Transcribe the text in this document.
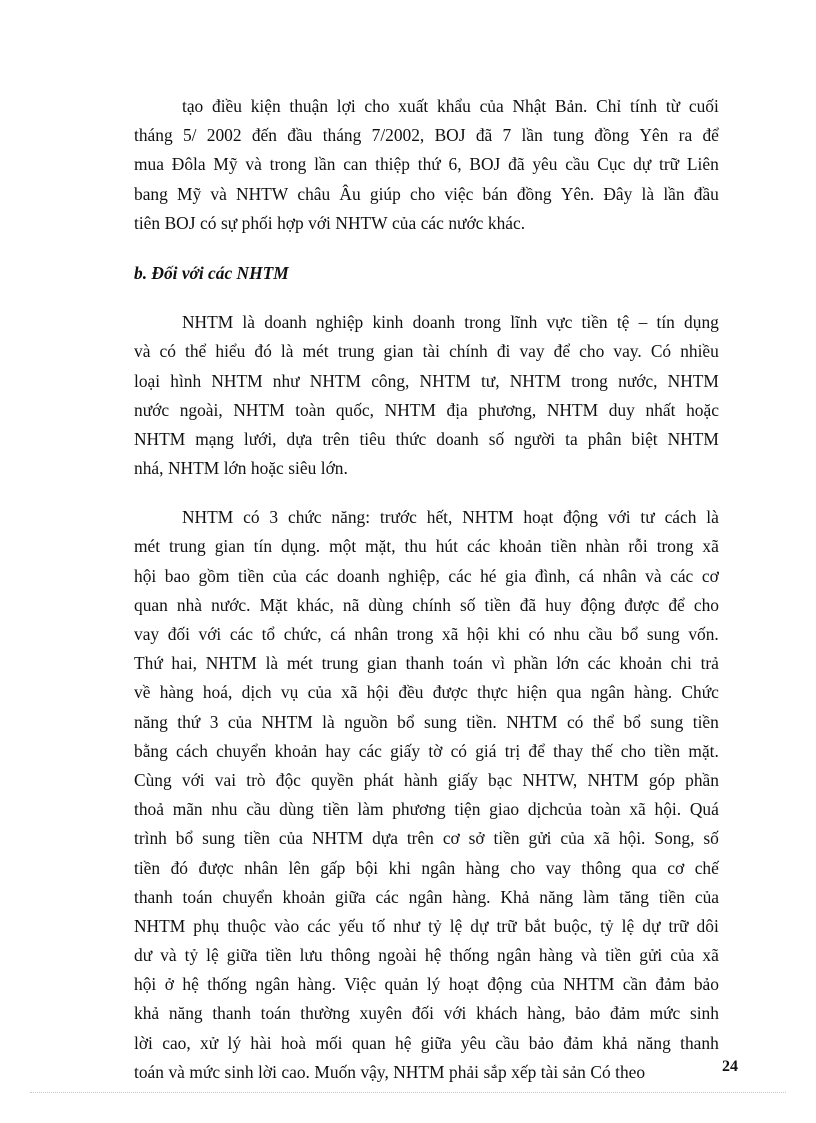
tạo điều kiện thuận lợi cho xuất khẩu của Nhật Bản. Chỉ tính từ cuối
tháng 5/ 2002 đến đầu tháng 7/2002, BOJ đã 7 lần tung đồng Yên ra để
mua Đôla Mỹ và trong lần can thiệp thứ 6, BOJ đã yêu cầu Cục dự trữ Liên
bang Mỹ và NHTW châu Âu giúp cho việc bán đồng Yên. Đây là lần đầu
tiên BOJ có sự phối hợp với NHTW của các nước khác.
b. Đối với các NHTM
NHTM là doanh nghiệp kinh doanh trong lĩnh vực tiền tệ – tín dụng
và có thể hiểu đó là mét trung gian tài chính đi vay để cho vay. Có nhiều
loại hình NHTM như NHTM công, NHTM tư, NHTM trong nước, NHTM
nước ngoài, NHTM toàn quốc, NHTM địa phương, NHTM duy nhất hoặc
NHTM mạng lưới, dựa trên tiêu thức doanh số người ta phân biệt NHTM
nhá, NHTM lớn hoặc siêu lớn.
NHTM có 3 chức năng: trước hết, NHTM hoạt động với tư cách là
mét trung gian tín dụng. một mặt, thu hút các khoản tiền nhàn rỗi trong xã
hội bao gồm tiền của các doanh nghiệp, các hé gia đình, cá nhân và các cơ
quan nhà nước. Mặt khác, nã dùng chính số tiền đã huy động được để cho
vay đối với các tổ chức, cá nhân trong xã hội khi có nhu cầu bổ sung vốn.
Thứ hai, NHTM là mét trung gian thanh toán vì phần lớn các khoản chi trả
về hàng hoá, dịch vụ của xã hội đều được thực hiện qua ngân hàng. Chức
năng thứ 3 của NHTM là nguồn bổ sung tiền. NHTM có thể bổ sung tiền
bằng cách chuyển khoản hay các giấy tờ có giá trị để thay thế cho tiền mặt.
Cùng với vai trò độc quyền phát hành giấy bạc NHTW, NHTM góp phần
thoả mãn nhu cầu dùng tiền làm phương tiện giao dịchcủa toàn xã hội. Quá
trình bổ sung tiền của NHTM dựa trên cơ sở tiền gửi của xã hội. Song, số
tiền đó được nhân lên gấp bội khi ngân hàng cho vay thông qua cơ chế
thanh toán chuyển khoản giữa các ngân hàng. Khả năng làm tăng tiền của
NHTM phụ thuộc vào các yếu tố như tỷ lệ dự trữ bắt buộc, tỷ lệ dự trữ dôi
dư và tỷ lệ giữa tiền lưu thông ngoài hệ thống ngân hàng và tiền gửi của xã
hội ở hệ thống ngân hàng. Việc quản lý hoạt động của NHTM cần đảm bảo
khả năng thanh toán thường xuyên đối với khách hàng, bảo đảm mức sinh
lời cao, xử lý hài hoà mối quan hệ giữa yêu cầu bảo đảm khả năng thanh
toán và mức sinh lời cao. Muốn vậy, NHTM phải sắp xếp tài sản Có theo	24
